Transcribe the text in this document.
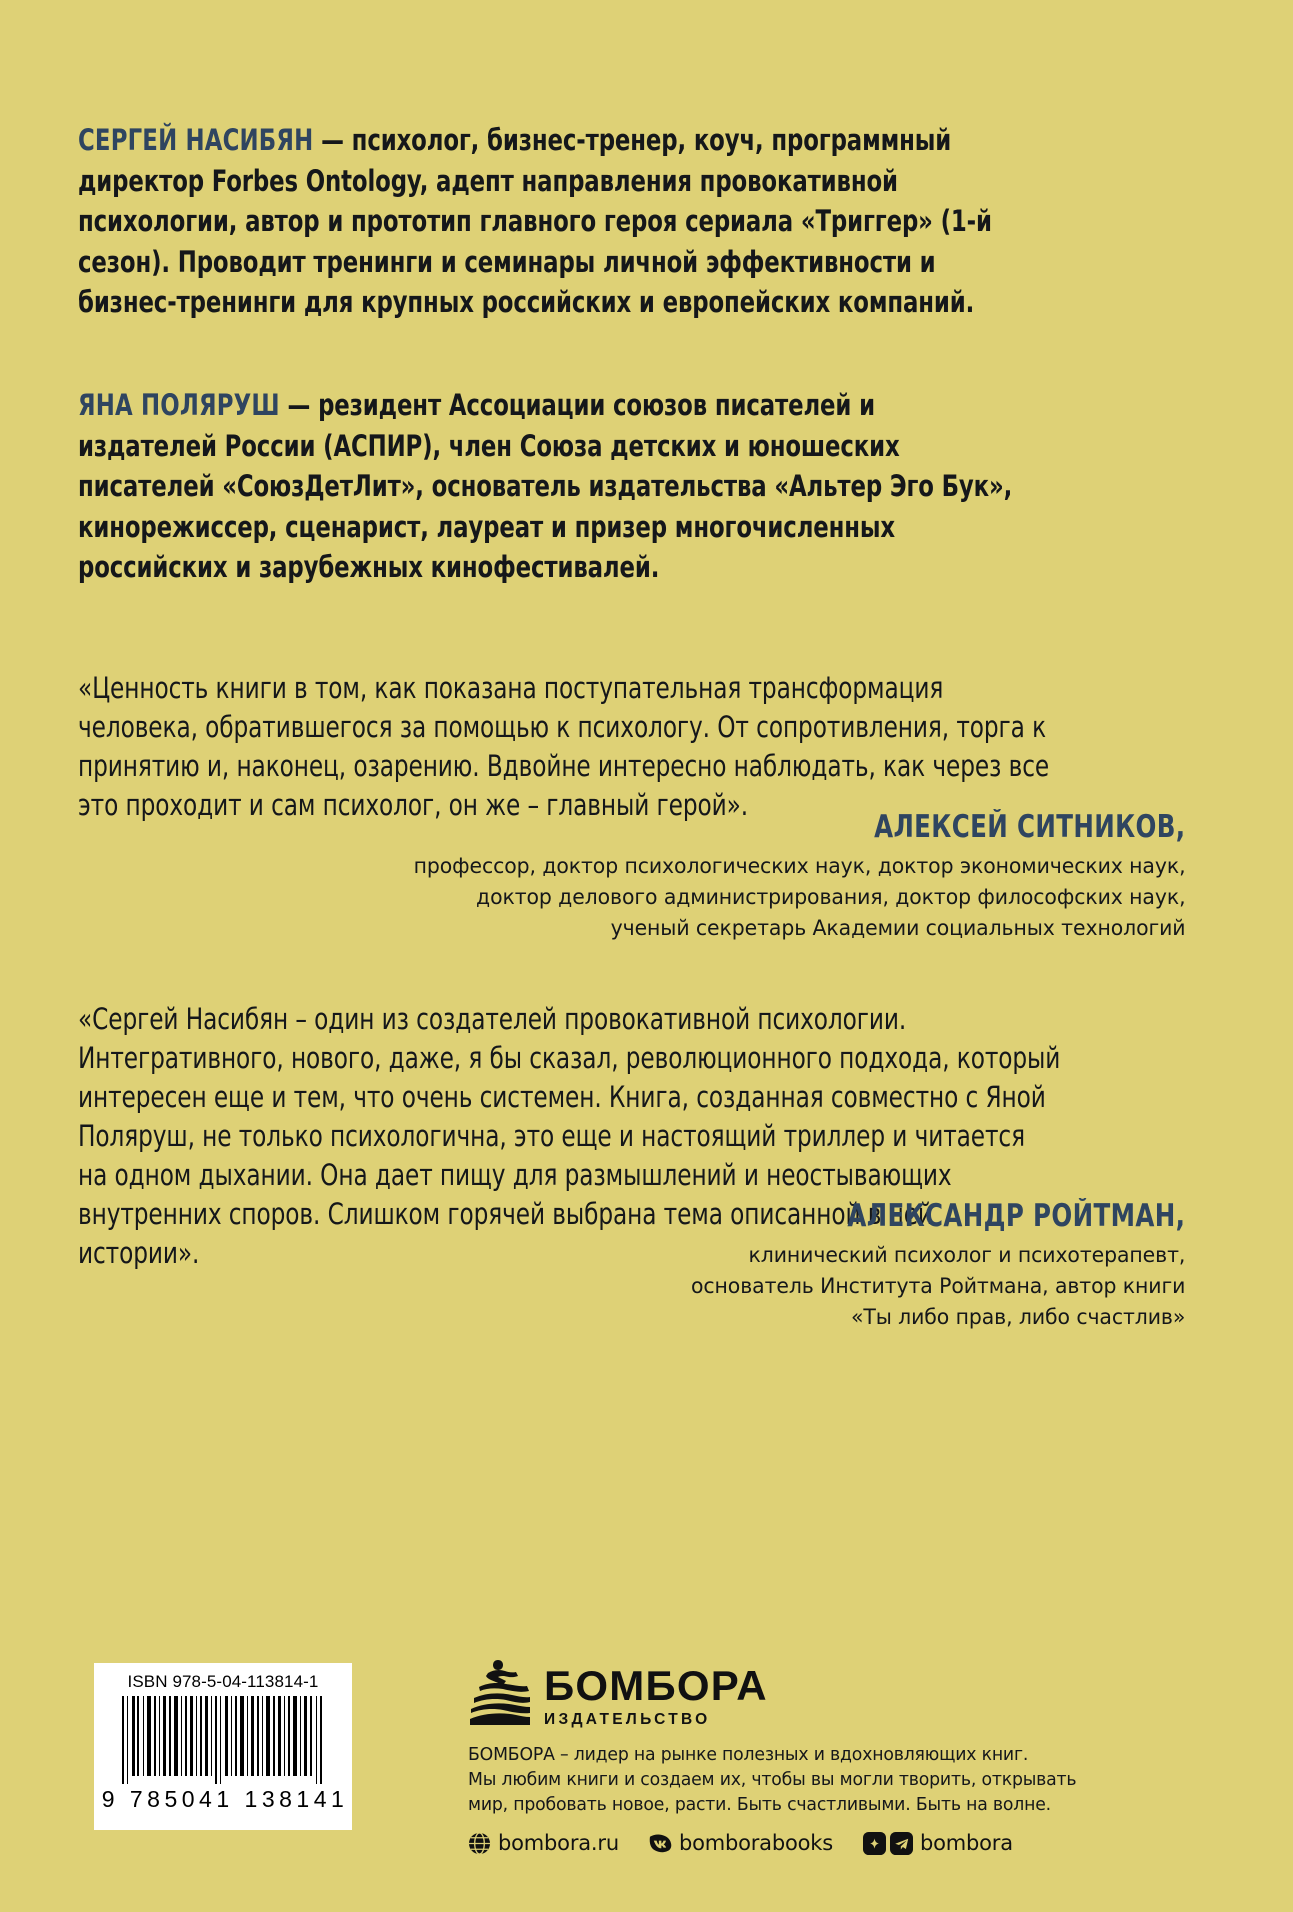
СЕРГЕЙ НАСИБЯН — психолог, бизнес-тренер, коуч, программный директор Forbes Ontology, адепт направления провокативной психологии, автор и прототип главного героя сериала «Триггер» (1-й сезон). Проводит тренинги и семинары личной эффективности и бизнес-тренинги для крупных российских и европейских компаний.
ЯНА ПОЛЯРУШ — резидент Ассоциации союзов писателей и издателей России (АСПИР), член Союза детских и юношеских писателей «СоюзДетЛит», основатель издательства «Альтер Эго Бук», кинорежиссер, сценарист, лауреат и призер многочисленных российских и зарубежных кинофестивалей.
«Ценность книги в том, как показана поступательная трансформация человека, обратившегося за помощью к психологу. От сопротивления, торга к принятию и, наконец, озарению. Вдвойне интересно наблюдать, как через все это проходит и сам психолог, он же – главный герой».
АЛЕКСЕЙ СИТНИКОВ,
профессор, доктор психологических наук, доктор экономических наук,
доктор делового администрирования, доктор философских наук,
ученый секретарь Академии социальных технологий
«Сергей Насибян – один из создателей провокативной психологии. Интегративного, нового, даже, я бы сказал, революционного подхода, который интересен еще и тем, что очень системен. Книга, созданная совместно с Яной Поляруш, не только психологична, это еще и настоящий триллер и читается на одном дыхании. Она дает пищу для размышлений и неостывающих внутренних споров. Слишком горячей выбрана тема описанной в ней истории».
АЛЕКСАНДР РОЙТМАН,
клинический психолог и психотерапевт,
основатель Института Ройтмана, автор книги
«Ты либо прав, либо счастлив»
ISBN 978-5-04-113814-1
9 785041 138141
БОМБОРА
ИЗДАТЕЛЬСТВО
БОМБОРА – лидер на рынке полезных и вдохновляющих книг.
Мы любим книги и создаем их, чтобы вы могли творить, открывать
мир, пробовать новое, расти. Быть счастливыми. Быть на волне.
bombora.ru	bomborabooks	bombora
